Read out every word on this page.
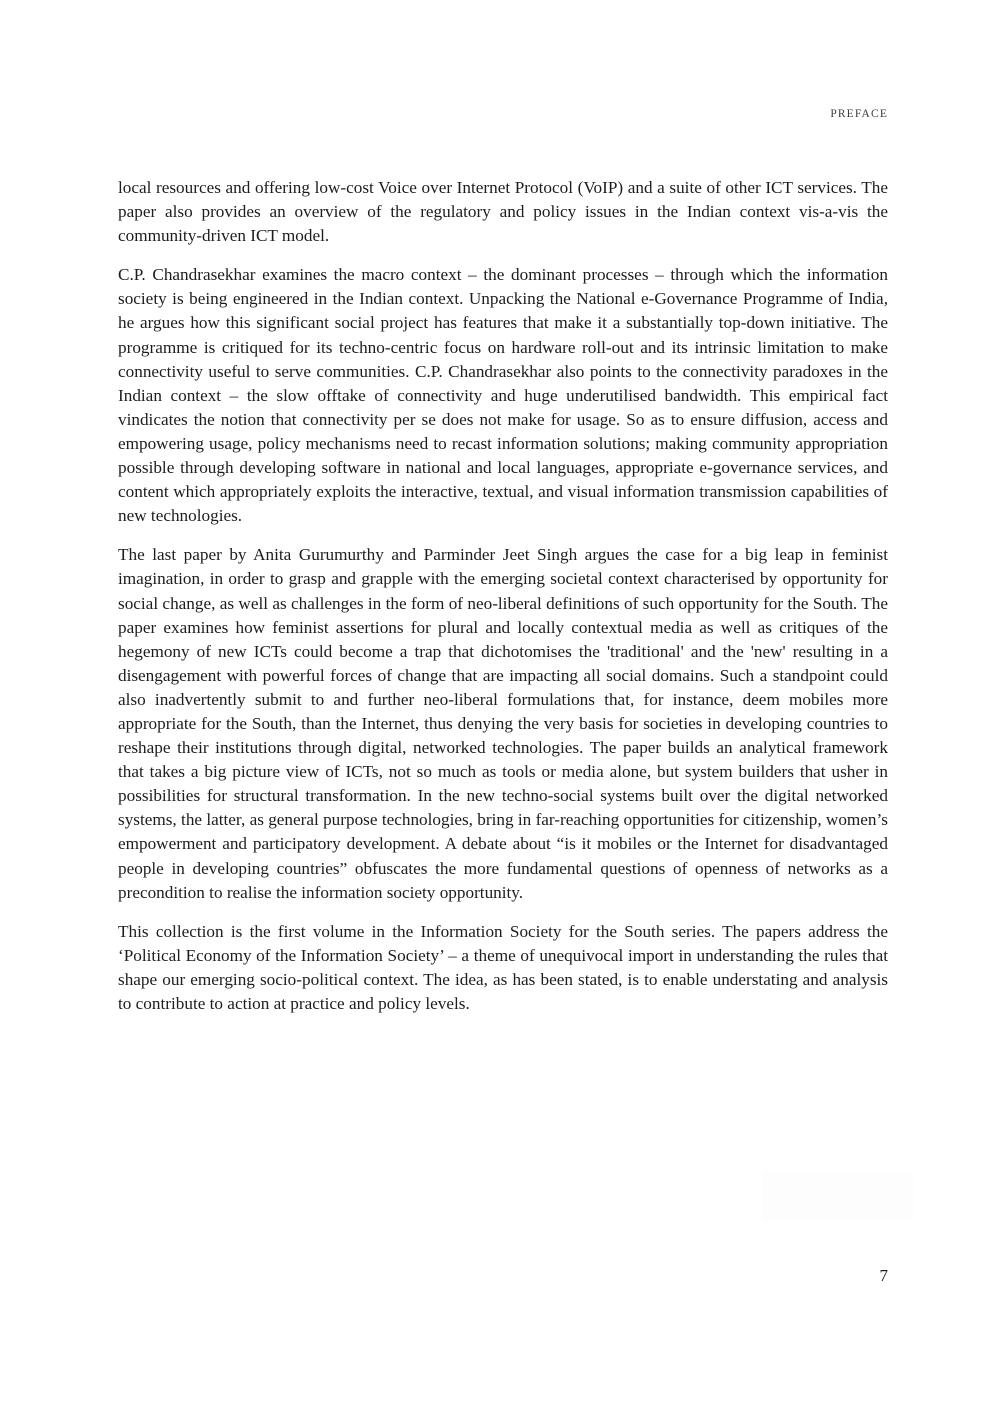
PREFACE

local resources and offering low-cost Voice over Internet Protocol (VoIP) and a suite of other ICT services. The paper also provides an overview of the regulatory and policy issues in the Indian context vis-a-vis the community-driven ICT model.

C.P. Chandrasekhar examines the macro context – the dominant processes – through which the information society is being engineered in the Indian context. Unpacking the National e-Governance Programme of India, he argues how this significant social project has features that make it a substantially top-down initiative. The programme is critiqued for its techno-centric focus on hardware roll-out and its intrinsic limitation to make connectivity useful to serve communities. C.P. Chandrasekhar also points to the connectivity paradoxes in the Indian context – the slow offtake of connectivity and huge underutilised bandwidth. This empirical fact vindicates the notion that connectivity per se does not make for usage. So as to ensure diffusion, access and empowering usage, policy mechanisms need to recast information solutions; making community appropriation possible through developing software in national and local languages, appropriate e-governance services, and content which appropriately exploits the interactive, textual, and visual information transmission capabilities of new technologies.

The last paper by Anita Gurumurthy and Parminder Jeet Singh argues the case for a big leap in feminist imagination, in order to grasp and grapple with the emerging societal context characterised by opportunity for social change, as well as challenges in the form of neo-liberal definitions of such opportunity for the South. The paper examines how feminist assertions for plural and locally contextual media as well as critiques of the hegemony of new ICTs could become a trap that dichotomises the 'traditional' and the 'new' resulting in a disengagement with powerful forces of change that are impacting all social domains. Such a standpoint could also inadvertently submit to and further neo-liberal formulations that, for instance, deem mobiles more appropriate for the South, than the Internet, thus denying the very basis for societies in developing countries to reshape their institutions through digital, networked technologies. The paper builds an analytical framework that takes a big picture view of ICTs, not so much as tools or media alone, but system builders that usher in possibilities for structural transformation. In the new techno-social systems built over the digital networked systems, the latter, as general purpose technologies, bring in far-reaching opportunities for citizenship, women’s empowerment and participatory development. A debate about “is it mobiles or the Internet for disadvantaged people in developing countries” obfuscates the more fundamental questions of openness of networks as a precondition to realise the information society opportunity.

This collection is the first volume in the Information Society for the South series. The papers address the ‘Political Economy of the Information Society’ – a theme of unequivocal import in understanding the rules that shape our emerging socio-political context. The idea, as has been stated, is to enable understating and analysis to contribute to action at practice and policy levels.

7
